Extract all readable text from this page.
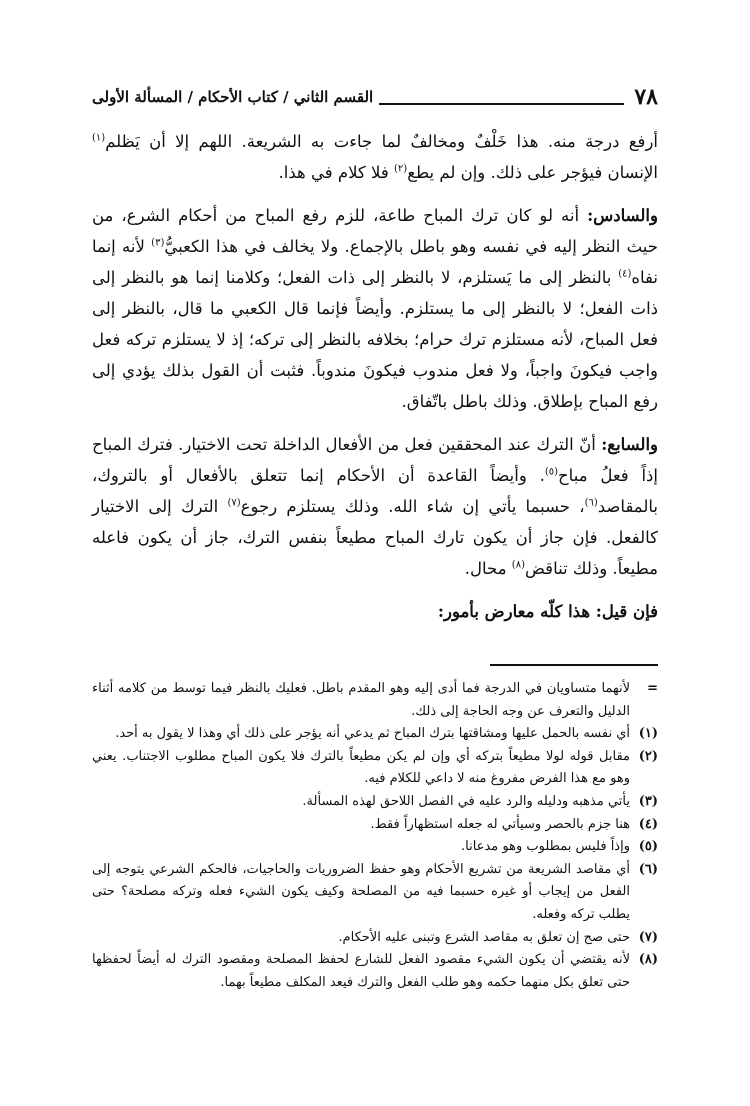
٧٨
القسم الثاني / كتاب الأحكام / المسألة الأولى

أرفع درجة منه. هذا خَلْفٌ ومخالفٌ لما جاءت به الشريعة. اللهم إلا أن يَظلم$^{(١)}$ الإنسان فيؤجر على ذلك. وإن لم يطع$^{(٢)}$ فلا كلام في هذا.

والسادس: أنه لو كان ترك المباح طاعة، للزم رفع المباح من أحكام الشرع، من حيث النظر إليه في نفسه وهو باطل بالإجماع. ولا يخالف في هذا الكعبيُّ$^{(٣)}$ لأنه إنما نفاه$^{(٤)}$ بالنظر إلى ما يَستلزم، لا بالنظر إلى ذات الفعل؛ وكلامنا إنما هو بالنظر إلى ذات الفعل؛ لا بالنظر إلى ما يستلزم. وأيضاً فإنما قال الكعبي ما قال، بالنظر إلى فعل المباح، لأنه مستلزم ترك حرام؛ بخلافه بالنظر إلى تركه؛ إذ لا يستلزم تركه فعل واجب فيكونَ واجباً، ولا فعل مندوب فيكونَ مندوباً. فثبت أن القول بذلك يؤدي إلى رفع المباح بإطلاق. وذلك باطل باتّفاق.

والسابع: أنّ الترك عند المحققين فعل من الأفعال الداخلة تحت الاختيار. فترك المباح إذاً فعلُ مباح$^{(٥)}$. وأيضاً القاعدة أن الأحكام إنما تتعلق بالأفعال أو بالتروك، بالمقاصد$^{(٦)}$، حسبما يأتي إن شاء الله. وذلك يستلزم رجوع$^{(٧)}$ الترك إلى الاختيار كالفعل. فإن جاز أن يكون تارك المباح مطيعاً بنفس الترك، جاز أن يكون فاعله مطيعاً. وذلك تناقض$^{(٨)}$ محال.

فإن قيل: هذا كلّه معارض بأمور:

=
لأنهما متساويان في الدرجة فما أدى إليه وهو المقدم باطل. فعليك بالنظر فيما توسط من كلامه أثناء الدليل والتعرف عن وجه الحاجة إلى ذلك.
(١)
أي نفسه بالحمل عليها ومشاقتها بترك المباح ثم يدعي أنه يؤجر على ذلك أي وهذا لا يقول به أحد.
(٢)
مقابل قوله لولا مطيعاً بتركه أي وإن لم يكن مطيعاً بالترك فلا يكون المباح مطلوب الاجتناب. يعني وهو مع هذا الفرض مفروغ منه لا داعي للكلام فيه.
(٣)
يأتي مذهبه ودليله والرد عليه في الفصل اللاحق لهذه المسألة.
(٤)
هنا جزم بالحصر وسيأتي له جعله استظهاراً فقط.
(٥)
وإذاً فليس بمطلوب وهو مدعانا.
(٦)
أي مقاصد الشريعة من تشريع الأحكام وهو حفظ الضروريات والحاجيات، فالحكم الشرعي يتوجه إلى الفعل من إيجاب أو غيره حسبما فيه من المصلحة وكيف يكون الشيء فعله وتركه مصلحة؟ حتى يطلب تركه وفعله.
(٧)
حتى صح إن تعلق به مقاصد الشرع وتبنى عليه الأحكام.
(٨)
لأنه يقتضي أن يكون الشيء مقصود الفعل للشارع لحفظ المصلحة ومقصود الترك له أيضاً لحفظها حتى تعلق بكل منهما حكمه وهو طلب الفعل والترك فيعد المكلف مطيعاً بهما.
